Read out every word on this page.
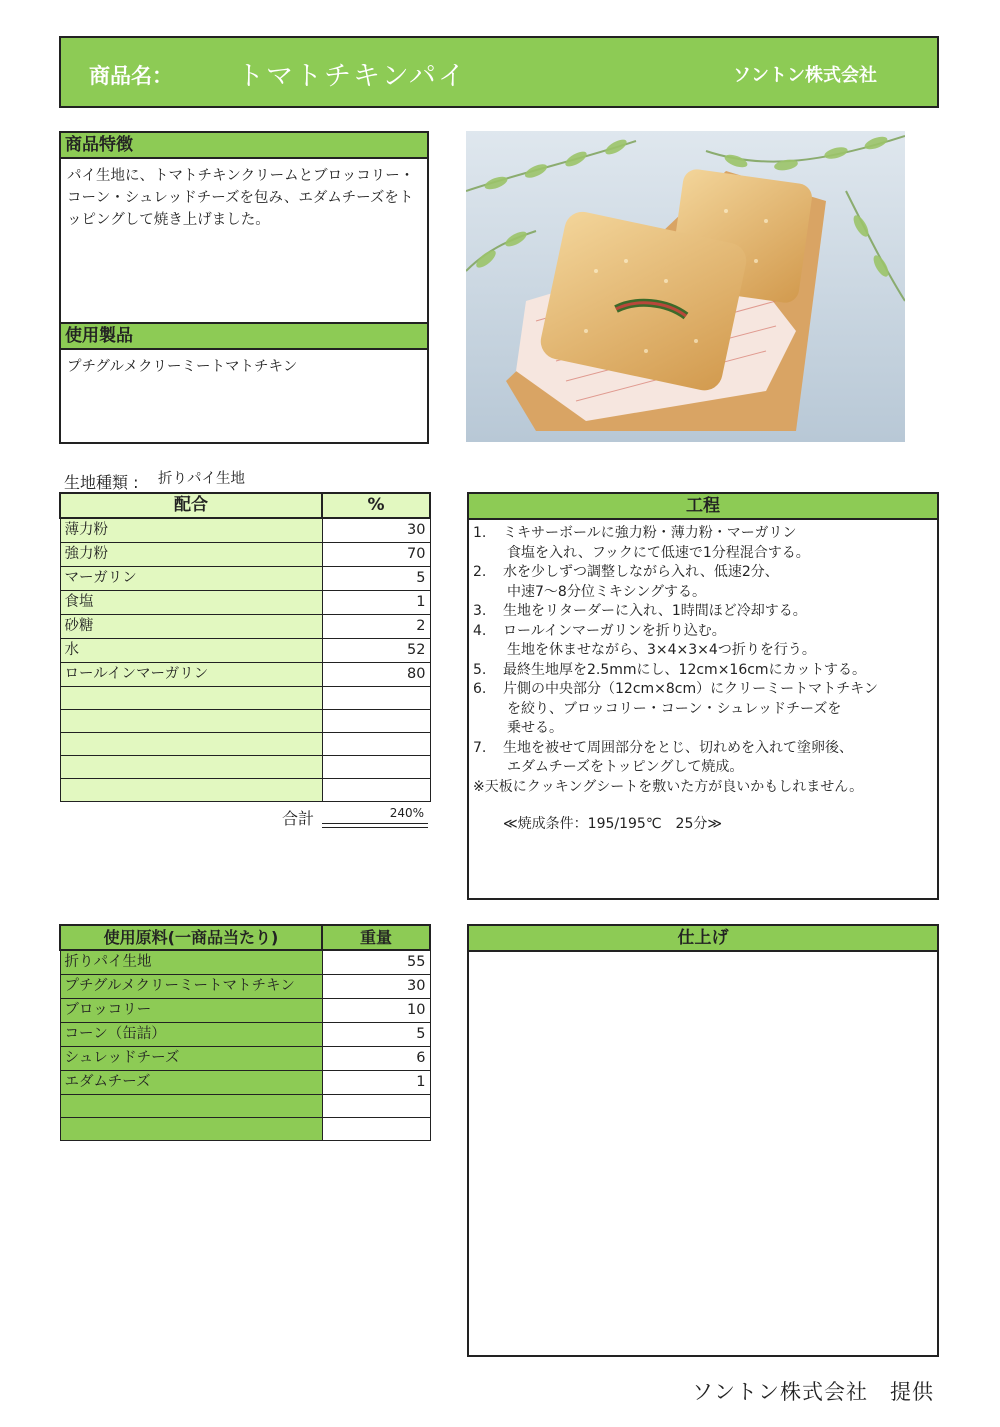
商品名： トマトチキンパイ	ソントン株式会社
商品特徴
パイ生地に、トマトチキンクリームとブロッコリー・コーン・シュレッドチーズを包み、エダムチーズをトッピングして焼き上げました。
使用製品
プチグルメクリーミートマトチキン
生地種類 : 折りパイ生地
配合	%
薄力粉	30
強力粉	70
マーガリン	5
食塩	1
砂糖	2
水	52
ロールインマーガリン	80

合計	240%
工程
1. ミキサーボールに強力粉・薄力粉・マーガリン
食塩を入れ、フックにて低速で1分程混合する。
2. 水を少しずつ調整しながら入れ、低速2分、
中速7～8分位ミキシングする。
3. 生地をリターダーに入れ、1時間ほど冷却する。
4. ロールインマーガリンを折り込む。
生地を休ませながら、3×4×3×4つ折りを行う。
5. 最終生地厚を2.5mmにし、12cm×16cmにカットする。
6. 片側の中央部分（12cm×8cm）にクリーミートマトチキン
を絞り、ブロッコリー・コーン・シュレッドチーズを
乗せる。
7. 生地を被せて周囲部分をとじ、切れめを入れて塗卵後、
エダムチーズをトッピングして焼成。
※天板にクッキングシートを敷いた方が良いかもしれません。
≪焼成条件：195/195℃　25分≫
使用原料(一商品当たり)	重量
折りパイ生地	55
プチグルメクリーミートマトチキン	30
ブロッコリー	10
コーン（缶詰）	5
シュレッドチーズ	6
エダムチーズ	1

仕上げ
ソントン株式会社　提供
